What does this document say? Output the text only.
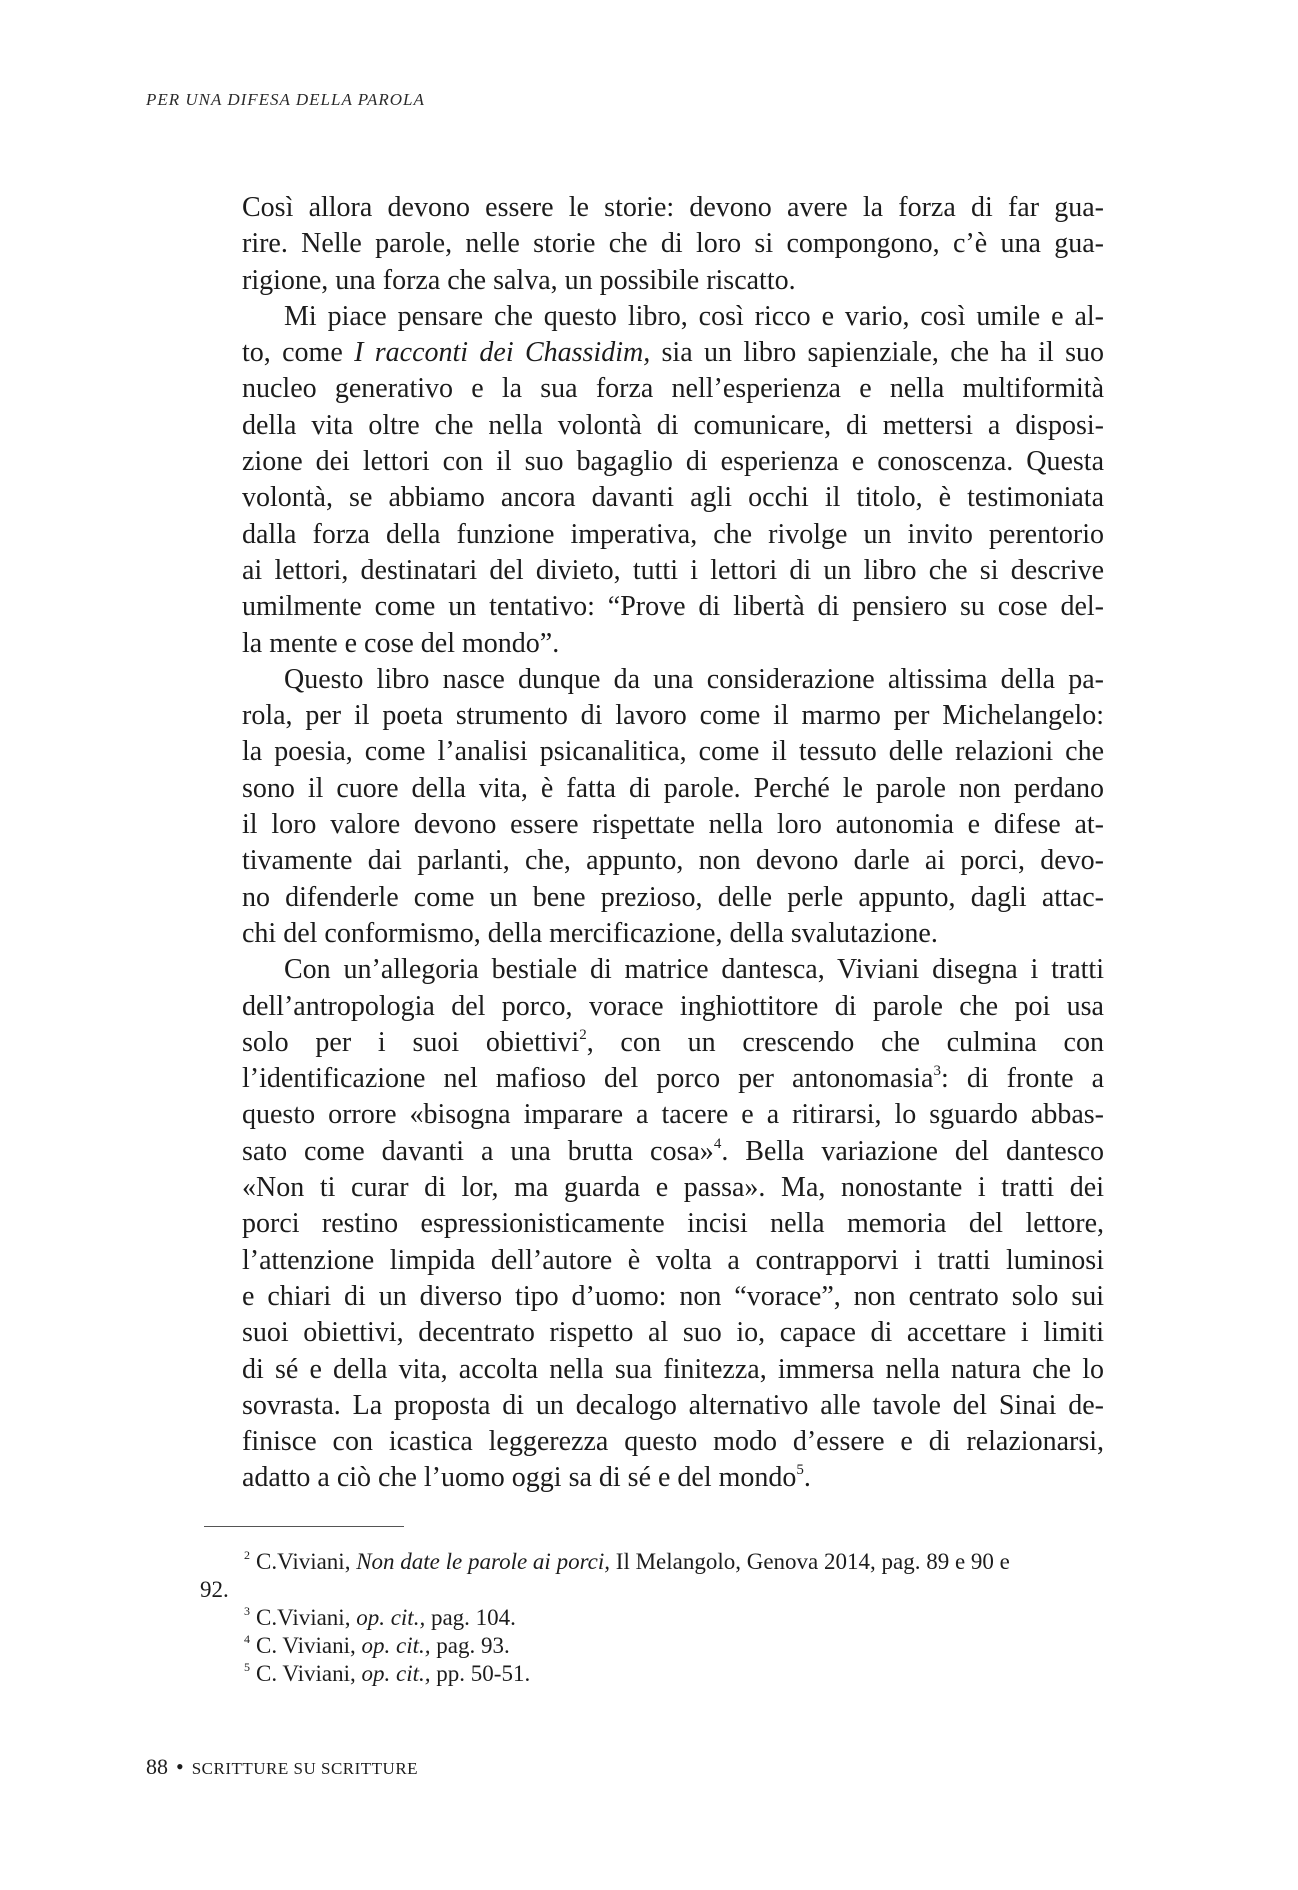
PER UNA DIFESA DELLA PAROLA

Così allora devono essere le storie: devono avere la forza di far gua-
rire. Nelle parole, nelle storie che di loro si compongono, c’è una gua-
rigione, una forza che salva, un possibile riscatto.

Mi piace pensare che questo libro, così ricco e vario, così umile e al-
to, come I racconti dei Chassidim, sia un libro sapienziale, che ha il suo
nucleo generativo e la sua forza nell’esperienza e nella multiformità
della vita oltre che nella volontà di comunicare, di mettersi a disposi-
zione dei lettori con il suo bagaglio di esperienza e conoscenza. Questa
volontà, se abbiamo ancora davanti agli occhi il titolo, è testimoniata
dalla forza della funzione imperativa, che rivolge un invito perentorio
ai lettori, destinatari del divieto, tutti i lettori di un libro che si descrive
umilmente come un tentativo: “Prove di libertà di pensiero su cose del-
la mente e cose del mondo”.

Questo libro nasce dunque da una considerazione altissima della pa-
rola, per il poeta strumento di lavoro come il marmo per Michelangelo:
la poesia, come l’analisi psicanalitica, come il tessuto delle relazioni che
sono il cuore della vita, è fatta di parole. Perché le parole non perdano
il loro valore devono essere rispettate nella loro autonomia e difese at-
tivamente dai parlanti, che, appunto, non devono darle ai porci, devo-
no difenderle come un bene prezioso, delle perle appunto, dagli attac-
chi del conformismo, della mercificazione, della svalutazione.

Con un’allegoria bestiale di matrice dantesca, Viviani disegna i tratti
dell’antropologia del porco, vorace inghiottitore di parole che poi usa
solo per i suoi obiettivi$^2$, con un crescendo che culmina con
l’identificazione nel mafioso del porco per antonomasia$^3$: di fronte a
questo orrore «bisogna imparare a tacere e a ritirarsi, lo sguardo abbas-
sato come davanti a una brutta cosa»$^4$. Bella variazione del dantesco
«Non ti curar di lor, ma guarda e passa». Ma, nonostante i tratti dei
porci restino espressionisticamente incisi nella memoria del lettore,
l’attenzione limpida dell’autore è volta a contrapporvi i tratti luminosi
e chiari di un diverso tipo d’uomo: non “vorace”, non centrato solo sui
suoi obiettivi, decentrato rispetto al suo io, capace di accettare i limiti
di sé e della vita, accolta nella sua finitezza, immersa nella natura che lo
sovrasta. La proposta di un decalogo alternativo alle tavole del Sinai de-
finisce con icastica leggerezza questo modo d’essere e di relazionarsi,
adatto a ciò che l’uomo oggi sa di sé e del mondo$^5$.

$^2$ C.Viviani, Non date le parole ai porci, Il Melangolo, Genova 2014, pag. 89 e 90 e
92.
$^3$ C.Viviani, op. cit., pag. 104.
$^4$ C. Viviani, op. cit., pag. 93.
$^5$ C. Viviani, op. cit., pp. 50-51.
88 • SCRITTURE SU SCRITTURE
